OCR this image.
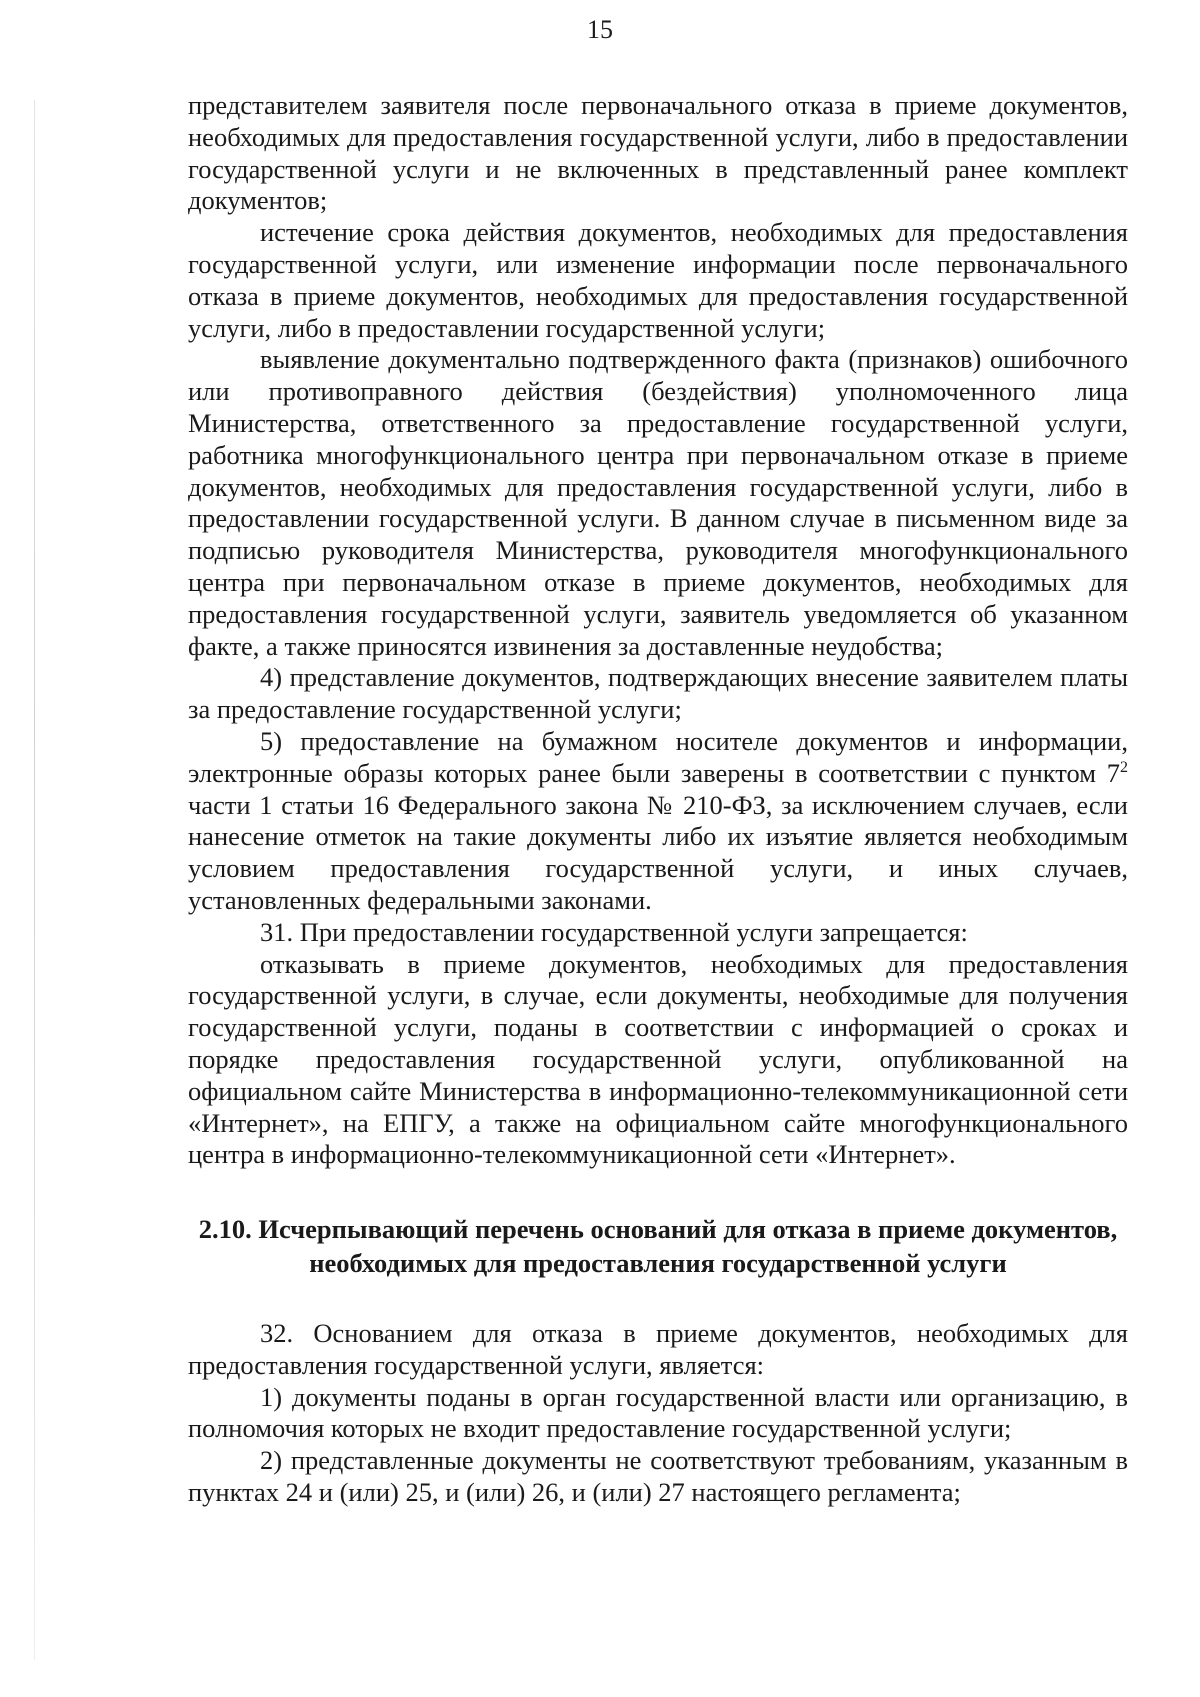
15

представителем заявителя после первоначального отказа в приеме документов, необходимых для предоставления государственной услуги, либо в предоставлении государственной услуги и не включенных в представленный ранее комплект документов;

истечение срока действия документов, необходимых для предоставления государственной услуги, или изменение информации после первоначального отказа в приеме документов, необходимых для предоставления государственной услуги, либо в предоставлении государственной услуги;

выявление документально подтвержденного факта (признаков) ошибочного или противоправного действия (бездействия) уполномоченного лица Министерства, ответственного за предоставление государственной услуги, работника многофункционального центра при первоначальном отказе в приеме документов, необходимых для предоставления государственной услуги, либо в предоставлении государственной услуги. В данном случае в письменном виде за подписью руководителя Министерства, руководителя многофункционального центра при первоначальном отказе в приеме документов, необходимых для предоставления государственной услуги, заявитель уведомляется об указанном факте, а также приносятся извинения за доставленные неудобства;

4) представление документов, подтверждающих внесение заявителем платы за предоставление государственной услуги;

5) предоставление на бумажном носителе документов и информации, электронные образы которых ранее были заверены в соответствии с пунктом $7^2$ части 1 статьи 16 Федерального закона № 210-ФЗ, за исключением случаев, если нанесение отметок на такие документы либо их изъятие является необходимым условием предоставления государственной услуги, и иных случаев, установленных федеральными законами.

31. При предоставлении государственной услуги запрещается:

отказывать в приеме документов, необходимых для предоставления государственной услуги, в случае, если документы, необходимые для получения государственной услуги, поданы в соответствии с информацией о сроках и порядке предоставления государственной услуги, опубликованной на официальном сайте Министерства в информационно-телекоммуникационной сети «Интернет», на ЕПГУ, а также на официальном сайте многофункционального центра в информационно-телекоммуникационной сети «Интернет».

2.10. Исчерпывающий перечень оснований для отказа в приеме документов, необходимых для предоставления государственной услуги

32. Основанием для отказа в приеме документов, необходимых для предоставления государственной услуги, является:

1) документы поданы в орган государственной власти или организацию, в полномочия которых не входит предоставление государственной услуги;

2) представленные документы не соответствуют требованиям, указанным в пунктах 24 и (или) 25, и (или) 26, и (или) 27 настоящего регламента;
